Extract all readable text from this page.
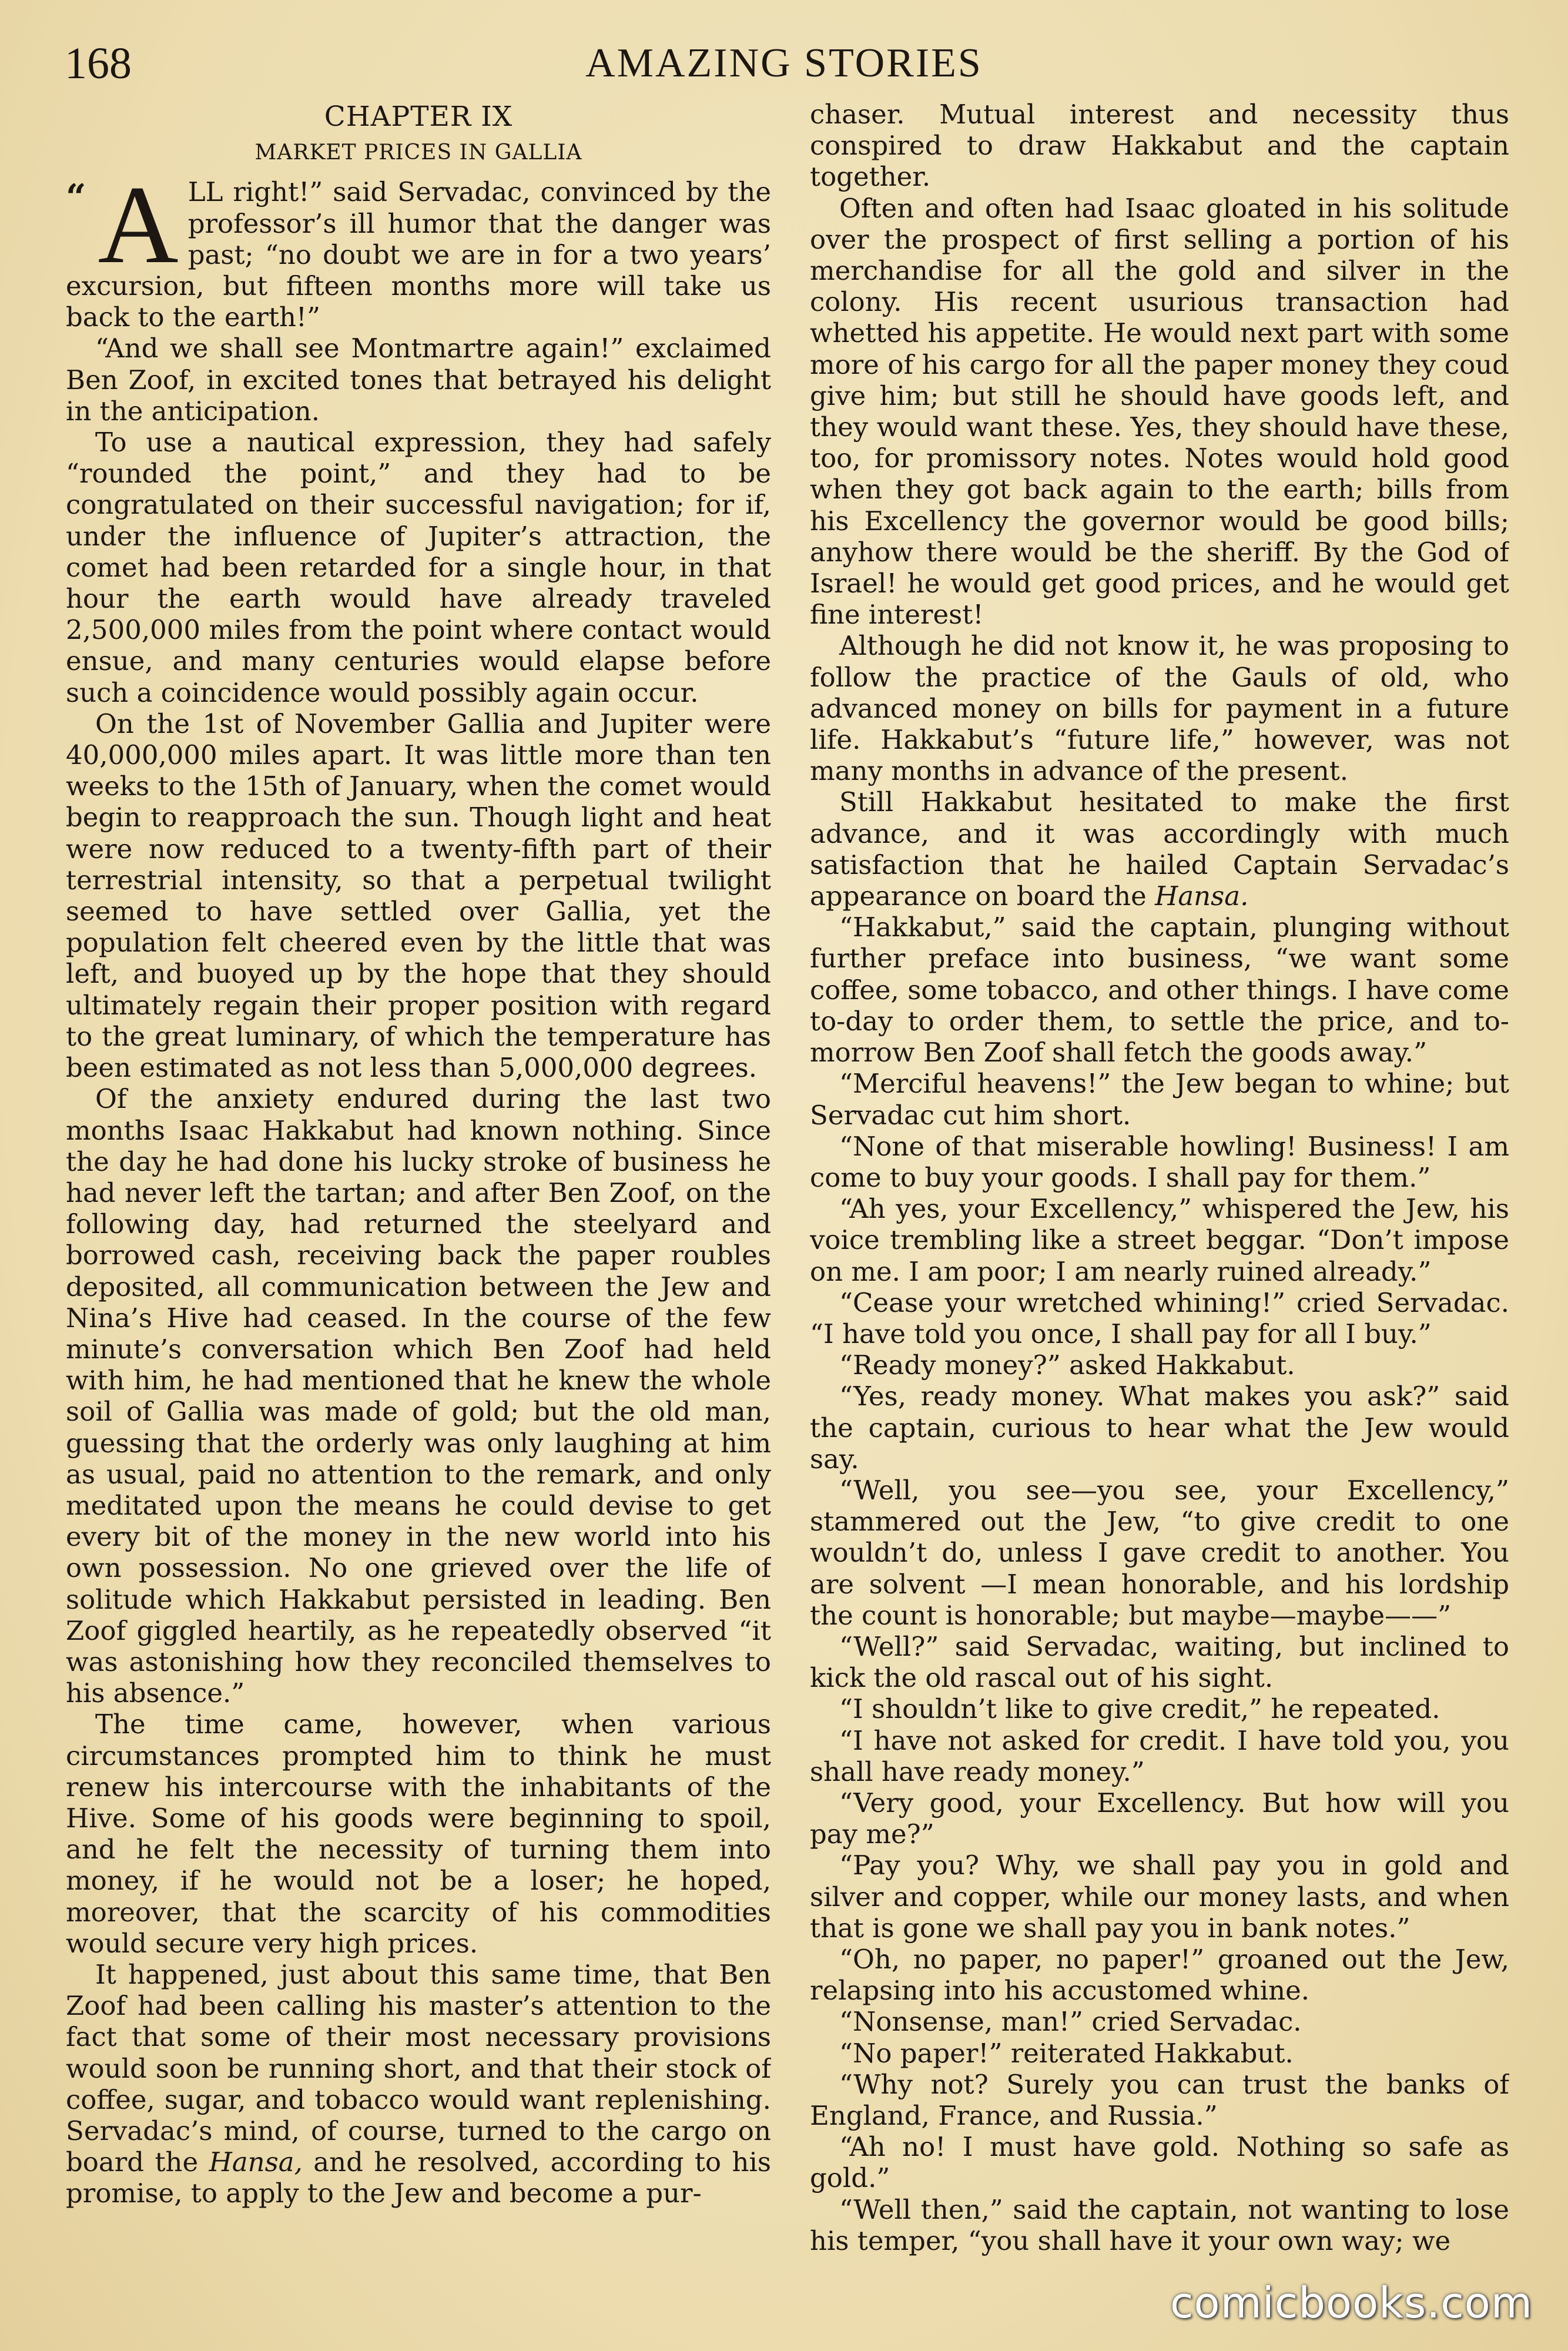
168	AMAZING STORIES
CHAPTER IX
MARKET PRICES IN GALLIA

“ A LL right!” said Servadac, convinced by the professor’s ill humor that the danger was past; “no doubt we are in for a two years’ excursion, but fifteen months more will take us back to the earth!”

“And we shall see Montmartre again!” exclaimed Ben Zoof, in excited tones that betrayed his delight in the anticipation.

To use a nautical expression, they had safely “rounded the point,” and they had to be congratulated on their successful navigation; for if, under the influence of Jupiter’s attraction, the comet had been retarded for a single hour, in that hour the earth would have already traveled 2,500,000 miles from the point where contact would ensue, and many centuries would elapse before such a coincidence would possibly again occur.

On the 1st of November Gallia and Jupiter were 40,000,000 miles apart. It was little more than ten weeks to the 15th of January, when the comet would begin to reapproach the sun. Though light and heat were now reduced to a twenty-fifth part of their terrestrial intensity, so that a perpetual twilight seemed to have settled over Gallia, yet the population felt cheered even by the little that was left, and buoyed up by the hope that they should ultimately regain their proper position with regard to the great luminary, of which the temperature has been estimated as not less than 5,000,000 degrees.

Of the anxiety endured during the last two months Isaac Hakkabut had known nothing. Since the day he had done his lucky stroke of business he had never left the tartan; and after Ben Zoof, on the following day, had returned the steelyard and borrowed cash, receiving back the paper roubles deposited, all communication between the Jew and Nina’s Hive had ceased. In the course of the few minute’s conversation which Ben Zoof had held with him, he had mentioned that he knew the whole soil of Gallia was made of gold; but the old man, guessing that the orderly was only laughing at him as usual, paid no attention to the remark, and only meditated upon the means he could devise to get every bit of the money in the new world into his own possession. No one grieved over the life of solitude which Hakkabut persisted in leading. Ben Zoof giggled heartily, as he repeatedly observed “it was astonishing how they reconciled themselves to his absence.”

The time came, however, when various circumstances prompted him to think he must renew his intercourse with the inhabitants of the Hive. Some of his goods were beginning to spoil, and he felt the necessity of turning them into money, if he would not be a loser; he hoped, moreover, that the scarcity of his commodities would secure very high prices.

It happened, just about this same time, that Ben Zoof had been calling his master’s attention to the fact that some of their most necessary provisions would soon be running short, and that their stock of coffee, sugar, and tobacco would want replenishing. Servadac’s mind, of course, turned to the cargo on board the Hansa, and he resolved, according to his promise, to apply to the Jew and become a pur-

chaser. Mutual interest and necessity thus conspired to draw Hakkabut and the captain together.

Often and often had Isaac gloated in his solitude over the prospect of first selling a portion of his merchandise for all the gold and silver in the colony. His recent usurious transaction had whetted his appetite. He would next part with some more of his cargo for all the paper money they coud give him; but still he should have goods left, and they would want these. Yes, they should have these, too, for promissory notes. Notes would hold good when they got back again to the earth; bills from his Excellency the governor would be good bills; anyhow there would be the sheriff. By the God of Israel! he would get good prices, and he would get fine interest!

Although he did not know it, he was proposing to follow the practice of the Gauls of old, who advanced money on bills for payment in a future life. Hakkabut’s “future life,” however, was not many months in advance of the present.

Still Hakkabut hesitated to make the first advance, and it was accordingly with much satisfaction that he hailed Captain Servadac’s appearance on board the Hansa.

“Hakkabut,” said the captain, plunging without further preface into business, “we want some coffee, some tobacco, and other things. I have come to-day to order them, to settle the price, and to-morrow Ben Zoof shall fetch the goods away.”

“Merciful heavens!” the Jew began to whine; but Servadac cut him short.

“None of that miserable howling! Business! I am come to buy your goods. I shall pay for them.”

“Ah yes, your Excellency,” whispered the Jew, his voice trembling like a street beggar. “Don’t impose on me. I am poor; I am nearly ruined already.”

“Cease your wretched whining!” cried Servadac. “I have told you once, I shall pay for all I buy.”

“Ready money?” asked Hakkabut.

“Yes, ready money. What makes you ask?” said the captain, curious to hear what the Jew would say.

“Well, you see—you see, your Excellency,” stammered out the Jew, “to give credit to one wouldn’t do, unless I gave credit to another. You are solvent —I mean honorable, and his lordship the count is honorable; but maybe—maybe——”

“Well?” said Servadac, waiting, but inclined to kick the old rascal out of his sight.

“I shouldn’t like to give credit,” he repeated.

“I have not asked for credit. I have told you, you shall have ready money.”

“Very good, your Excellency. But how will you pay me?”

“Pay you? Why, we shall pay you in gold and silver and copper, while our money lasts, and when that is gone we shall pay you in bank notes.”

“Oh, no paper, no paper!” groaned out the Jew, relapsing into his accustomed whine.

“Nonsense, man!” cried Servadac.

“No paper!” reiterated Hakkabut.

“Why not? Surely you can trust the banks of England, France, and Russia.”

“Ah no! I must have gold. Nothing so safe as gold.”

“Well then,” said the captain, not wanting to lose his temper, “you shall have it your own way; we

comicbooks.com
